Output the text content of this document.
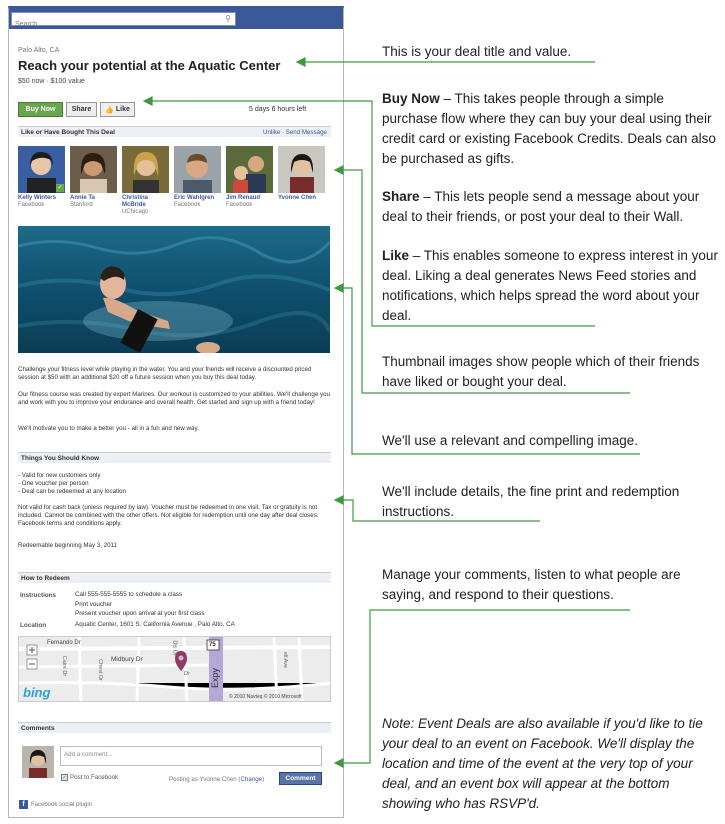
Search
⚲
Palo Alto, CA
Reach your potential at the Aquatic Center
$50 now · $100 value
Buy Now	Share	👍 Like	5 days 6 hours left
Like or Have Bought This Deal	Unlike · Send Message
✓
Kelly Winters
Facebook
Annie Ta
Stanford
Christina McBride
UChicago
Eric Wahlgren
Facebook
Jim Renaud
Facebook
Yvonne Chen
Challenge your fitness level while playing in the water. You and your friends will receive a discounted priced session at $50 with an additional $20 off a future session when you buy this deal today.
Our fitness course was created by expert Marines. Our workout is customized to your abilities. We'll challenge you and work with you to improve your endurance and overall health. Get started and sign up with a friend today!
We'll motivate you to make a better you - all in a fun and new way.
Things You Should Know
- Valid for new customers only
- One voucher per person
- Deal can be redeemed at any location
Not valid for cash back (unless required by law). Voucher must be redeemed in one visit. Tax or gratuity is not included. Cannot be combined with the other offers. Not eligible for redemption until one day after deal closes. Facebook terms and conditions apply.
Redeemable beginning May 3, 2011
How to Redeem
Instructions	Call 555-555-5555 to schedule a class
Print voucher
Present voucher upon arrival at your first class
Location	Aquatic Center, 1601 S. California Avenue , Palo Alto, CA
Fernando Dr
Midbury Dr
Caire Dr	Chest Dr
Dis Dr
ell Ave
Dr
75
Expy
bing	© 2010 Navteq © 2010 Microsoft
Comments
Add a comment...
✓ Post to Facebook	Posting as Yvonne Chen (Change)	Comment
f	Facebook social plugin
This is your deal title and value.
Buy Now – This takes people through a simple purchase flow where they can buy your deal using their credit card or existing Facebook Credits. Deals can also be purchased as gifts.
Share – This lets people send a message about your deal to their friends, or post your deal to their Wall.
Like – This enables someone to express interest in your deal. Liking a deal generates News Feed stories and notifications, which helps spread the word about your deal.
Thumbnail images show people which of their friends have liked or bought your deal.
We'll use a relevant and compelling image.
We'll include details, the fine print and redemption instructions.
Manage your comments, listen to what people are saying, and respond to their questions.
Note: Event Deals are also available if you'd like to tie your deal to an event on Facebook. We'll display the location and time of the event at the very top of your deal, and an event box will appear at the bottom showing who has RSVP'd.
